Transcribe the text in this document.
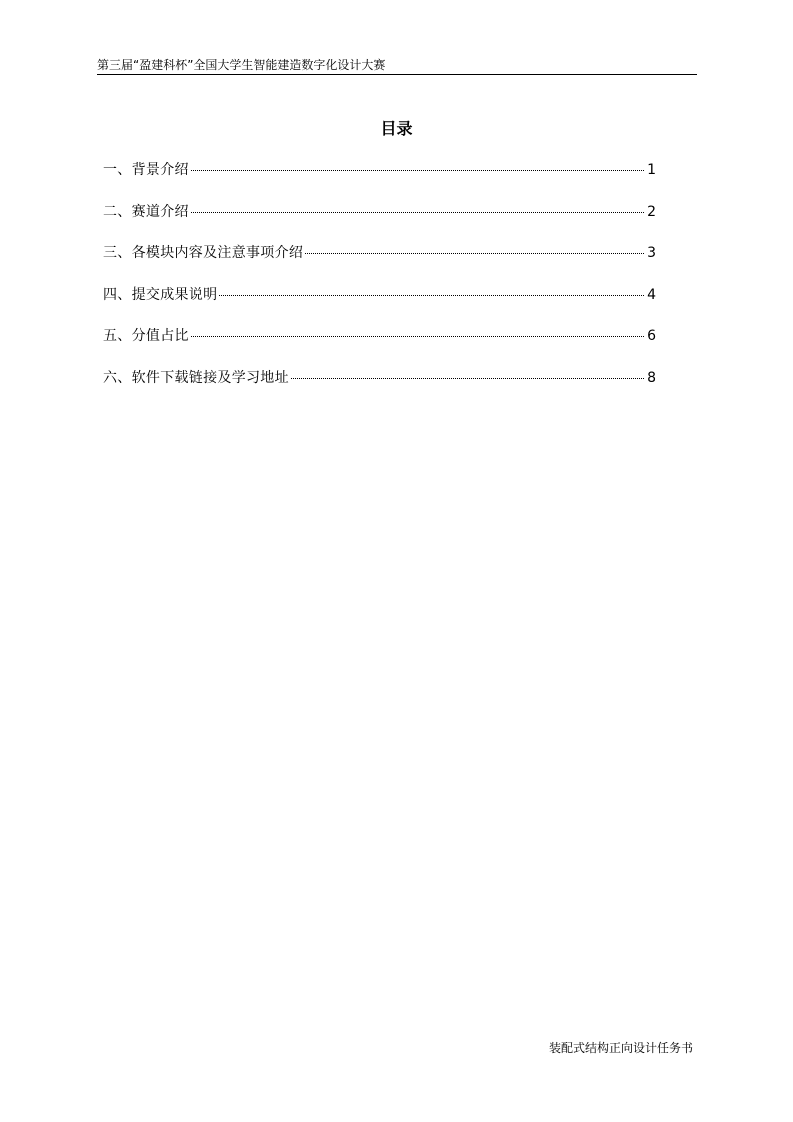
第三届“盈建科杯”全国大学生智能建造数字化设计大赛
目录
一、背景介绍	1
二、赛道介绍	2
三、各模块内容及注意事项介绍	3
四、提交成果说明	4
五、分值占比	6
六、软件下载链接及学习地址	8
装配式结构正向设计任务书
